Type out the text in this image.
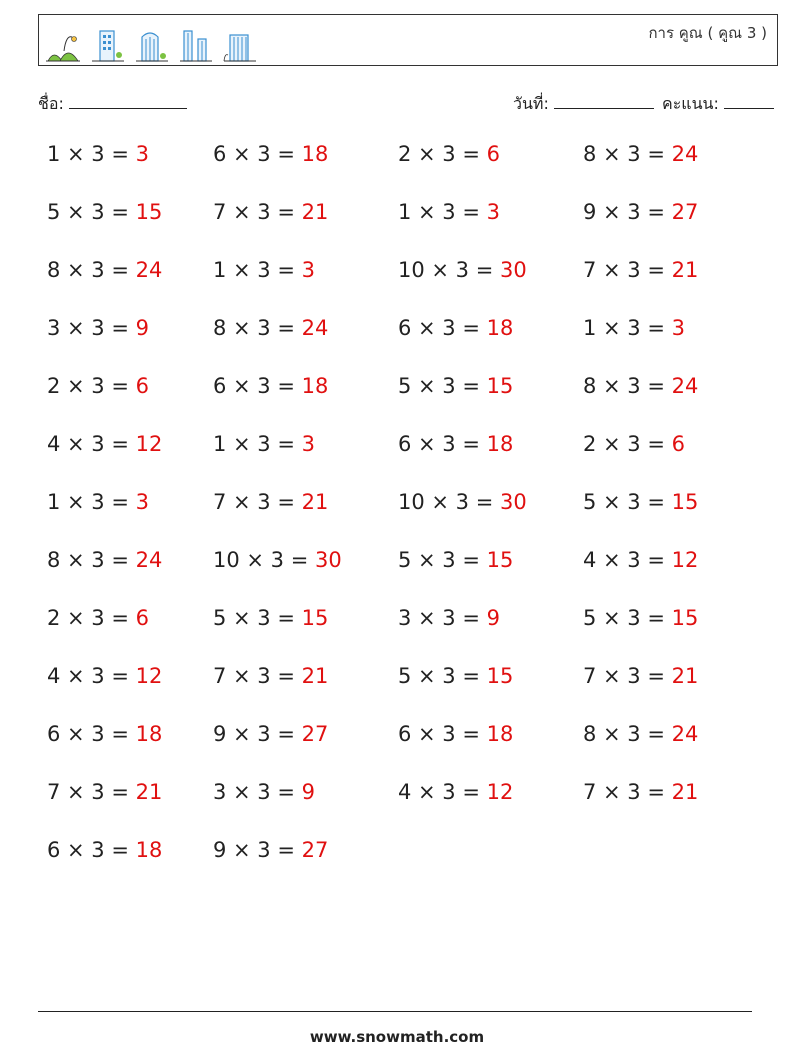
การ คูณ ( คูณ 3 )
ชื่อ:	วันที่:	คะแนน:
1 × 3 = 3
5 × 3 = 15
8 × 3 = 24
3 × 3 = 9
2 × 3 = 6
4 × 3 = 12
1 × 3 = 3
8 × 3 = 24
2 × 3 = 6
4 × 3 = 12
6 × 3 = 18
7 × 3 = 21
6 × 3 = 18
6 × 3 = 18
7 × 3 = 21
1 × 3 = 3
8 × 3 = 24
6 × 3 = 18
1 × 3 = 3
7 × 3 = 21
10 × 3 = 30
5 × 3 = 15
7 × 3 = 21
9 × 3 = 27
3 × 3 = 9
9 × 3 = 27
2 × 3 = 6
1 × 3 = 3
10 × 3 = 30
6 × 3 = 18
5 × 3 = 15
6 × 3 = 18
10 × 3 = 30
5 × 3 = 15
3 × 3 = 9
5 × 3 = 15
6 × 3 = 18
4 × 3 = 12
8 × 3 = 24
9 × 3 = 27
7 × 3 = 21
1 × 3 = 3
8 × 3 = 24
2 × 3 = 6
5 × 3 = 15
4 × 3 = 12
5 × 3 = 15
7 × 3 = 21
8 × 3 = 24
7 × 3 = 21
www.snowmath.com
